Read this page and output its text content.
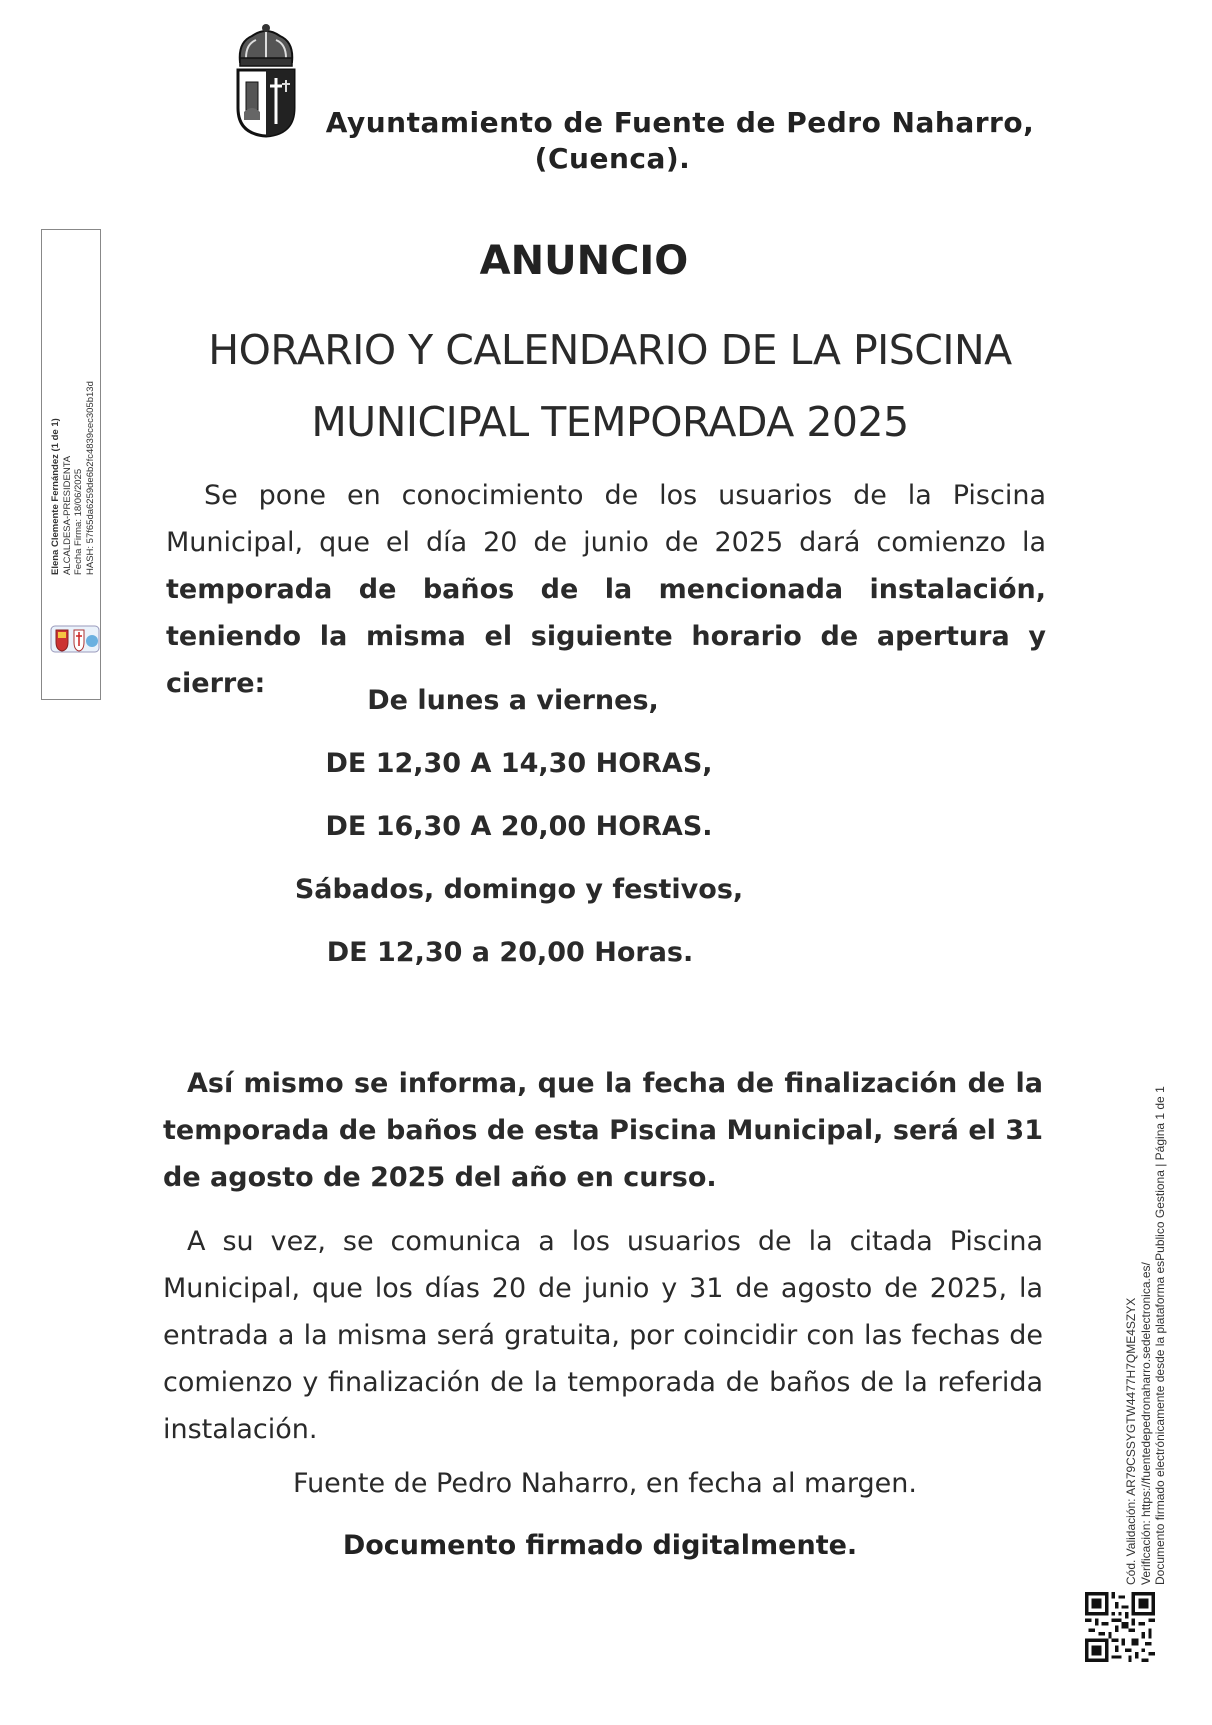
Ayuntamiento de Fuente de Pedro Naharro,
(Cuenca).
Elena Clemente Fernández (1 de 1) ALCALDESA-PRESIDENTA Fecha Firma: 18/06/2025 HASH: 57f65da6259de6b2fc4839cec305b13d
ANUNCIO
HORARIO Y CALENDARIO DE LA PISCINA
MUNICIPAL TEMPORADA 2025
Se pone en conocimiento de los usuarios de la Piscina Municipal, que el día 20 de junio de 2025 dará comienzo la temporada de baños de la mencionada instalación, teniendo la misma el siguiente horario de apertura y cierre:
De lunes a viernes,
DE 12,30 A 14,30 HORAS,
DE 16,30 A 20,00 HORAS.
Sábados, domingo y festivos,
DE 12,30 a 20,00 Horas.
Así mismo se informa, que la fecha de finalización de la temporada de baños de esta Piscina Municipal, será el 31 de agosto de 2025 del año en curso.
A su vez, se comunica a los usuarios de la citada Piscina Municipal, que los días 20 de junio y 31 de agosto de 2025, la entrada a la misma será gratuita, por coincidir con las fechas de comienzo y finalización de la temporada de baños de la referida instalación.
Fuente de Pedro Naharro, en fecha al margen.
Documento firmado digitalmente.	Cód. Validación: AR79CSSYGTW4477H7QME4SZYX Verificación: https://fuentedepedronaharro.sedelectronica.es/ Documento firmado electrónicamente desde la plataforma esPublico Gestiona | Página 1 de 1
